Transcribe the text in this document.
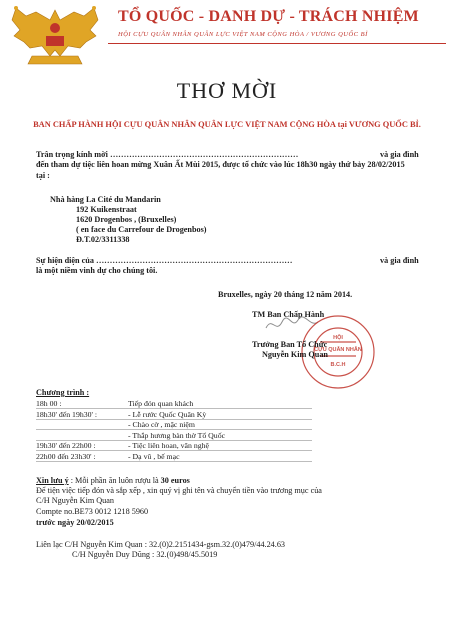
TỔ QUỐC - DANH DỰ - TRÁCH NHIỆM
HỘI CỰU QUÂN NHÂN QUÂN LỰC VIỆT NAM CỘNG HÒA / VƯƠNG QUỐC BỈ
THƠ MỜI
BAN CHẤP HÀNH HỘI CỰU QUÂN NHÂN QUÂN LỰC VIỆT NAM CỘNG HÒA tại VƯƠNG QUỐC BỈ.
Trân trọng kính mời ……………………………………………………………	và gia đình
đến tham dự tiệc liên hoan mừng Xuân Ất Mùi 2015, được tổ chức vào lúc 18h30 ngày thứ bảy 28/02/2015
tại :
Nhà hàng La Cité du Mandarin
192 Kuikenstraat
1620 Drogenbos , (Bruxelles)
( en face du Carrefour de Drogenbos)
Đ.T.02/3311338
Sự hiện diện của ………………………………………………………………	và gia đình
là một niềm vinh dự cho chúng tôi.
Bruxelles, ngày 20 tháng 12 năm 2014.
TM Ban Chấp Hành
HỘI
CỰU QUÂN NHÂN
B.C.H
Trưởng Ban Tổ Chức
Nguyễn Kim Quan
Chương trình :
18h 00 :	Tiếp đón quan khách
18h30' đến 19h30' :	- Lễ rước Quốc Quân Kỳ
- Chào cờ , mặc niệm
- Thắp hương bàn thờ Tổ Quốc
19h30' đến 22h00 :	- Tiệc liên hoan, văn nghệ
22h00 đến 23h30' :	- Dạ vũ , bế mạc
Xin lưu ý : Mỗi phần ăn luôn rượu là 30 euros
Để tiện việc tiếp đón và sắp xếp , xin quý vị ghi tên và chuyển tiền vào trương mục của
C/H Nguyễn Kim Quan
Compte no.BE73 0012 1218 5960
trước ngày 20/02/2015
Liên lạc C/H Nguyễn Kim Quan : 32.(0)2.2151434-gsm.32.(0)479/44.24.63
C/H Nguyễn Duy Dũng : 32.(0)498/45.5019
